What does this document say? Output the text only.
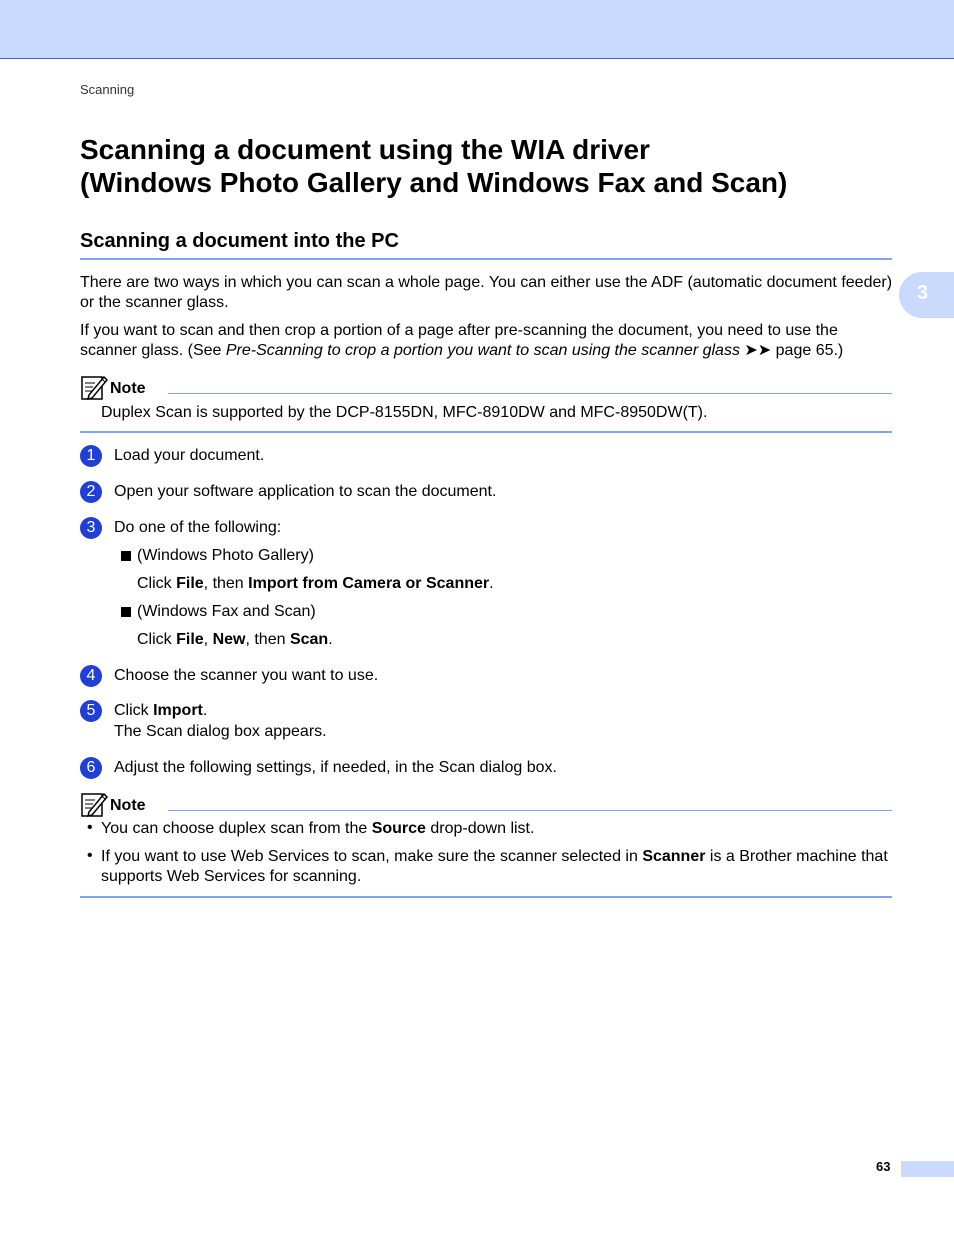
Scanning
Scanning a document using the WIA driver
(Windows Photo Gallery and Windows Fax and Scan)
Scanning a document into the PC
3

There are two ways in which you can scan a whole page. You can either use the ADF (automatic document feeder) or the scanner glass.

If you want to scan and then crop a portion of a page after pre-scanning the document, you need to use the scanner glass. (See Pre-Scanning to crop a portion you want to scan using the scanner glass ➤➤ page 65.)

Note
Duplex Scan is supported by the DCP-8155DN, MFC-8910DW and MFC-8950DW(T).
1	Load your document.
2	Open your software application to scan the document.
3	Do one of the following:
(Windows Photo Gallery)
Click File, then Import from Camera or Scanner.
(Windows Fax and Scan)
Click File, New, then Scan.
4	Choose the scanner you want to use.
5	Click Import.
The Scan dialog box appears.
6	Adjust the following settings, if needed, in the Scan dialog box.
Note
• You can choose duplex scan from the Source drop-down list.
• If you want to use Web Services to scan, make sure the scanner selected in Scanner is a Brother machine that supports Web Services for scanning.
63
